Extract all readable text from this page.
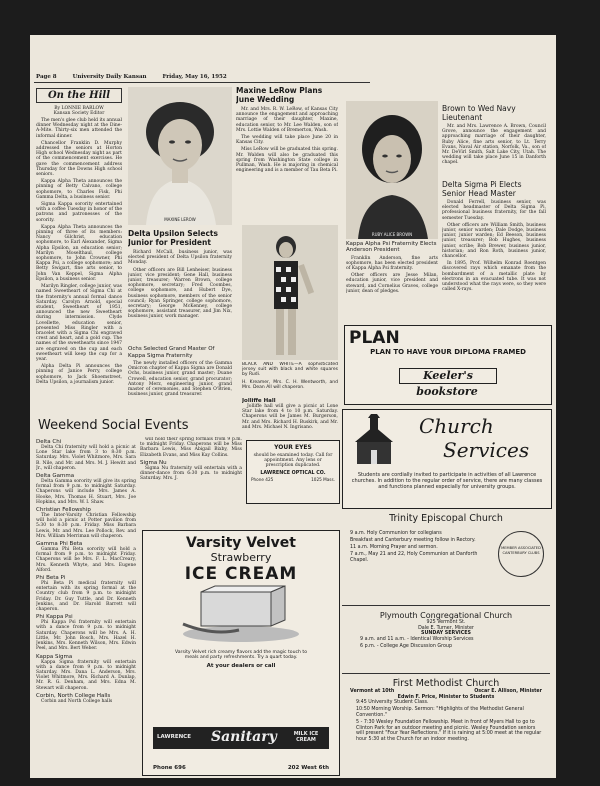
Page 8	University Daily Kansan	Friday, May 16, 1952
On the Hill
By LONNIE BARLOW
Kansan Society Editor

The men's glee club held its annual dinner Wednesday night at the Dine-A-Mite. Thirty-six men attended the informal dinner.

Chancellor Franklin D. Murphy addressed the seniors at Horton High school Wednesday night as part of the commencement exercises. He gave the commencement address Thursday for the Downs High school seniors.

Kappa Alpha Theta announces the pinning of Betty Calvano, college sophomore, to Charles Fisk, Phi Gamma Delta, a business senior.

Sigma Kappa sorority entertained with a coffee Tuesday in honor of the patrons and patronesses of the sorority.

Kappa Alpha Theta announces the pinning of three of its members: Nancy Gilchrist, education sophomore, to Earl Alexander, Sigma Alpha Epsilon, an education senior; Marilyn Moselthaul, college sophomore, to John Crowner, Phi Kappa Psi, a college sophomore; and Betty Swigart, fine arts senior, to John Van Keppel, Sigma Alpha Epsilon, a business senior.

Marilyn Ringler, college junior, was named Sweetheart of Sigma Chi at the fraternity's annual formal dance Saturday. Carolyn Arnold, special student, Sweetheart of 1951, announced the new Sweetheart during intermission. Clyde Lovellette, education senior, presented Miss Ringler with a bracelet with a Sigma Chi engraved crest and heart, and a gold cup. The names of the sweethearts since 1947 are engraved on the cup and each sweetheart will keep the cup for a year.

Alpha Delta Pi announces the pinning of Janice Perry, college sophomore, to Jack Shoemstreet, Delta Upsilon, a journalism junior.

MAXINE LEROW
Maxine LeRow Plans June Wedding

Mr. and Mrs. R. W. LeRow, of Kansas City announce the engagement and approaching marriage of their daughter, Maxine, education senior, to Mr. Lee Walden, son of Mrs. Lottie Walden of Bremerton, Wash.

The wedding will take place June 20 in Kansas City.

Miss LeRow will be graduated this spring. Mr. Walden will also be graduated this spring from Washington State college in Pullman, Wash. He is majoring in chemical engineering and is a member of Tau Beta Pi.

Delta Upsilon Selects Junior for President

Richard McCall, business junior, was elected president of Delta Upsilon fraternity Monday.

Other officers are Bill Lenheiser, business junior, vice president; Gene Hall, business junior, treasurer; Warren Brown, college sophomore, secretary; Fred Coombes, college sophomore, and Hubert Dye, business sophomore, members of the senior council; Ryan Springer, college sophomore, secretary; George McKenney, college sophomore, assistant treasurer, and Jim Nix, business junior, work manager.

Ochs Selected Grand Master Of Kappa Sigma Fraternity

The newly installed officers of the Gamma Omicron chapter of Kappa Sigma are Donald Ochs, business junior, grand master; Duane Crowell, education senior, grand procurator; Antony Merz, engineering junior, grand master of ceremonies, and Stephen O'Brien, business junior, grand treasurer.

BLACK AND WHITE—A sophisticated jersey suit with black and white squares by Rudi.
H. Kreamer, Mrs. C. H. Wentworth, and Mrs. Dean All will chaperon.
Jolliffe Hall

Jolliffe hall will give a picnic at Lone Star lake from 4 to 10 p.m. Saturday. Chaperons will be James M. Burgerson, Mr. and Mrs. Richard H. Buskirk, and Mr. and Mrs. Michael N. Ingrisano.

RUBY ALICE BROWN
Kappa Alpha Psi Fraternity Elects Anderson President

Franklin Anderson, fine arts sophomore, has been elected president of Kappa Alpha Psi fraternity.

Other officers are Jesse Milan, education junior, vice president and steward, and Cornelius Graves, college junior, dean of pledges.

Brown to Wed Navy Lieutenant

Mr. and Mrs. Lawrence A. Brown, Council Grove, announce the engagement and approaching marriage of their daughter, Ruby Alice, fine arts senior, to Lt. Terry Evans, Naval Air station, Norfolk, Va., son of Mr. DeVirl Smith, Salt Lake City, Utah. The wedding will take place June 15 in Danforth chapel.

Delta Sigma Pi Elects Senior Head Master

Donald Ferrell, business senior, was elected headmaster of Delta Sigma Pi, professional business fraternity, for the fall semester Tuesday.

Other officers are William Smith, business junior, senior warden; Dale Dodge, business junior, junior warden; Ed Beeson, business junior, treasurer; Bob Hughes, business junior, scribe; Bob Brewer, business junior, historian; and Ron Roth, business junior, chancellor.

In 1895, Prof. Wilhelm Konrad Roentgen discovered rays which emanate from the bombardment of a metallic plate by electrons in an evacuated tube. It was not understood what the rays were, so they were called X-rays.

PLAN
PLAN TO HAVE YOUR DIPLOMA FRAMED
Keeler's
bookstore
Weekend Social Events
Delta Chi
Delta Chi fraternity will hold a picnic at Lone Star lake from 3 to 8:30 p.m. Saturday. Mrs. Violet Whitmore, Mrs. Sara B. Nile, and Mr. and Mrs. M. J. Hewitt and Jr., will chaperon.
Delta Gamma
Delta Gamma sorority will give its spring formal from 9 p.m. to midnight Saturday. Chaperons will include Mrs. James A. Hooke, Mrs. Thomas H. Stuart, Mrs. Joe Hopkins, and Mrs. W. I. Shaw.
Christian Fellowship
The Inter-Varsity Christian Fellowship will hold a picnic at Potter pavilion from 5:30 to 8:30 p.m. Friday. Miss Barbara Lewis, Mr. and Mrs. Lee Pollock, Rev. and Mrs. William Merriman will chaperon.
Gamma Phi Beta
Gamma Phi Beta sorority will hold a formal from 9 p.m. to midnight Friday. Chaperons will be Mrs. F. L. MacCreary, Mrs. Kenneth Whyte, and Mrs. Eugene Alford.
Phi Beta Pi
Phi Beta Pi medical fraternity will entertain with its spring formal at the Country club from 9 p.m. to midnight Friday. Dr. Guy Tuttle, and Dr. Kenneth Jenkins, and Dr. Harold Barrett will chaperon.
Phi Kappa Psi
Phi Kappa Psi fraternity will entertain with a dance from 9 p.m. to midnight Saturday. Chaperons will be Mrs. A. H. Little, Mr. John Bosch, Mrs. Hazel H. Jenkins, Mrs. Kenneth Wilson, Mrs. Edwin Peel, and Mrs. Bert Weber.
Kappa Sigma
Kappa Sigma fraternity will entertain with a dance from 9 p.m. to midnight Saturday. Mrs. Dana L. Anderson, Mrs. Violet Whitmore, Mrs. Richard A. Dunlap, Mr. R. G. Denham, and Mrs. Edna M. Stewart will chaperon.
Corbin, North College Halls
Corbin and North College halls
will hold their spring formals from 9 p.m. to midnight Friday. Chaperons will be Miss Barbara Lewis, Miss Abigail Bixby, Miss Elizabeth Evans, and Miss Kay Collins.
Sigma Nu
Sigma Nu fraternity will entertain with a dinner-dance from 6:30 p.m. to midnight Saturday. Mrs. J.
YOUR EYES
should be examined today. Call for appointment. Any lens or prescription duplicated.
LAWRENCE OPTICAL CO.
Phone 425	1025 Mass.
Varsity Velvet
Strawberry
ICE CREAM
Varsity Velvet rich creamy flavors add the magic touch to meals and party refreshments. Try a quart today.
At your dealers or call
LAWRENCE Sanitary	MILK ICE CREAM
Phone 696	202 West 6th
Church
Services
Students are cordially invited to participate in activities of all Lawrence churches. In addition to the regular order of service, there are many classes and functions planned especially for university groups.
Trinity Episcopal Church
9 a.m. Holy Communion for collegians
Breakfast and Canterbury meeting follow in Rectory.
11 a.m. Morning Prayer and sermon.
7 a.m., May 21 and 22, Holy Communion at Danforth Chapel.
MEMBER ASSOCIATED CANTERBURY CLUBS
Plymouth Congregational Church
925 Vermont St.
Dale E. Turner, Minister
SUNDAY SERVICES
9 a.m. and 11 a.m. - Identical Worship Services
6 p.m. - College Age Discussion Group
First Methodist Church
Vermont at 10th	Oscar E. Allison, Minister
Edwin F. Price, Minister to Students
9:45 University Student Class.
10:50 Morning Worship. Sermon: "Highlights of the Methodist General Convention."
5 - 7:30 Wesley Foundation Fellowship. Meet in front of Myers Hall to go to Clinton Park for an outdoor meeting and picnic. Wesley Foundation seniors will present "Four Year Reflections." If it is raining at 5:00 meet at the regular hour 5:30 at the Church for an indoor meeting.
